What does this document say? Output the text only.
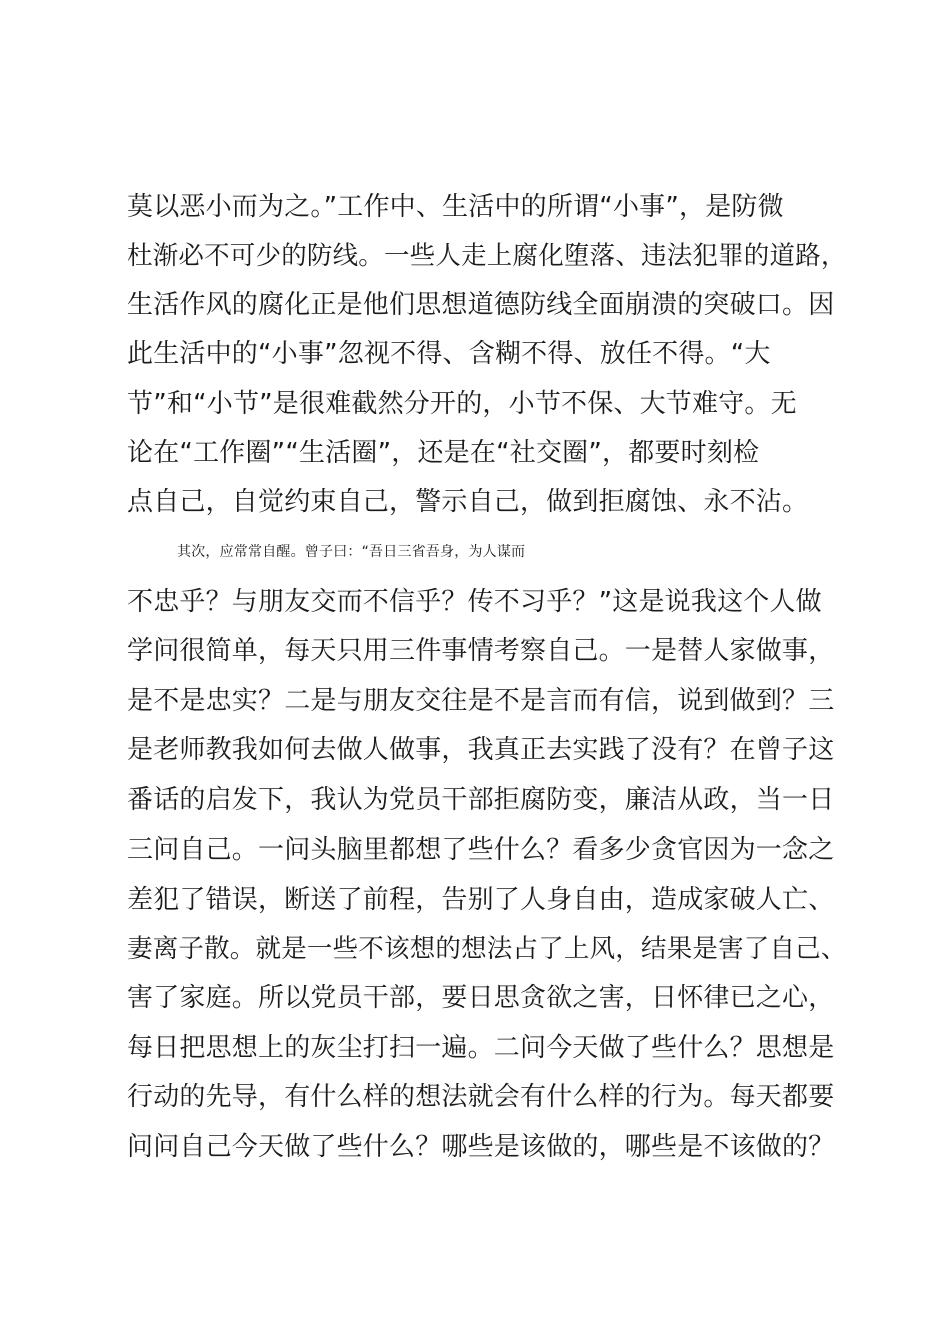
莫以恶小而为之。”工作中、生活中的所谓“小事”，是防微
杜渐必不可少的防线。一些人走上腐化堕落、违法犯罪的道路，
生活作风的腐化正是他们思想道德防线全面崩溃的突破口。因
此生活中的“小事”忽视不得、含糊不得、放任不得。“大
节”和“小节”是很难截然分开的，小节不保、大节难守。无
论在“工作圈”“生活圈”，还是在“社交圈”，都要时刻检
点自己，自觉约束自己，警示自己，做到拒腐蚀、永不沾。
其次，应常常自醒。曾子曰：“吾日三省吾身，为人谋而
不忠乎？与朋友交而不信乎？传不习乎？”这是说我这个人做
学问很简单，每天只用三件事情考察自己。一是替人家做事，
是不是忠实？二是与朋友交往是不是言而有信，说到做到？三
是老师教我如何去做人做事，我真正去实践了没有？在曾子这
番话的启发下，我认为党员干部拒腐防变，廉洁从政，当一日
三问自己。一问头脑里都想了些什么？看多少贪官因为一念之
差犯了错误，断送了前程，告别了人身自由，造成家破人亡、
妻离子散。就是一些不该想的想法占了上风，结果是害了自己、
害了家庭。所以党员干部，要日思贪欲之害，日怀律已之心，
每日把思想上的灰尘打扫一遍。二问今天做了些什么？思想是
行动的先导，有什么样的想法就会有什么样的行为。每天都要
问问自己今天做了些什么？哪些是该做的，哪些是不该做的？
